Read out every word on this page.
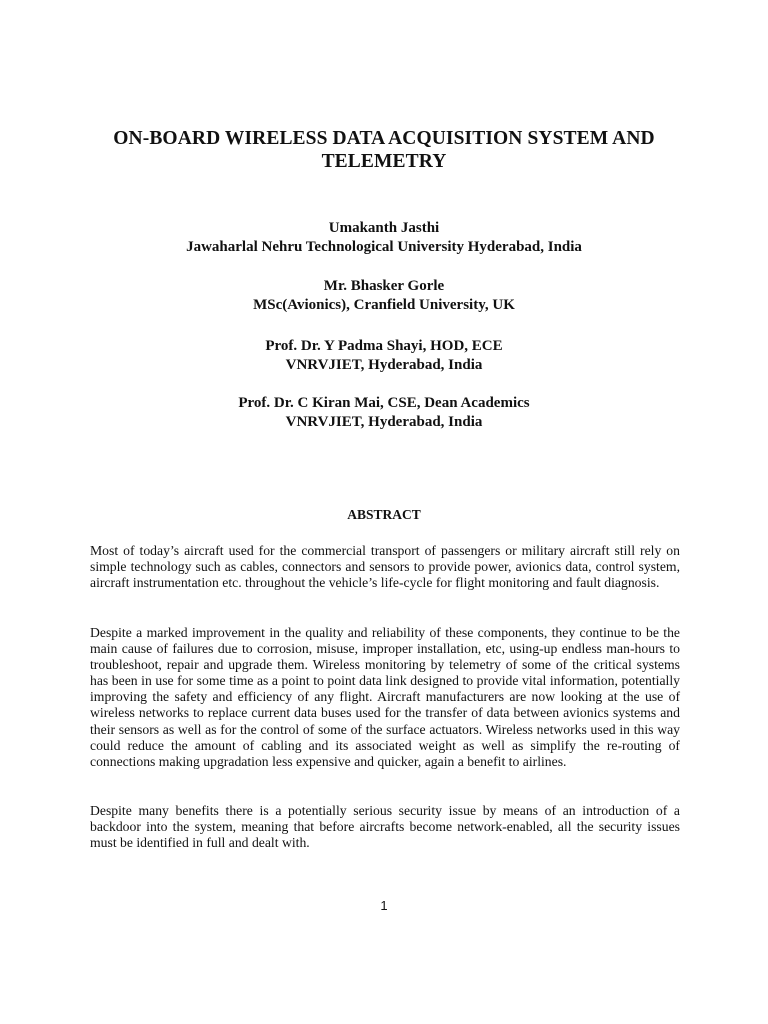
ON-BOARD WIRELESS DATA ACQUISITION SYSTEM AND
TELEMETRY
Umakanth Jasthi
Jawaharlal Nehru Technological University Hyderabad, India
Mr. Bhasker Gorle
MSc(Avionics), Cranfield University, UK
Prof. Dr. Y Padma Shayi, HOD, ECE
VNRVJIET, Hyderabad, India
Prof. Dr. C Kiran Mai, CSE, Dean Academics
VNRVJIET, Hyderabad, India
ABSTRACT

Most of today’s aircraft used for the commercial transport of passengers or military aircraft still rely on simple technology such as cables, connectors and sensors to provide power, avionics data, control system, aircraft instrumentation etc. throughout the vehicle’s life-cycle for flight monitoring and fault diagnosis.

Despite a marked improvement in the quality and reliability of these components, they continue to be the main cause of failures due to corrosion, misuse, improper installation, etc, using-up endless man-hours to troubleshoot, repair and upgrade them. Wireless monitoring by telemetry of some of the critical systems has been in use for some time as a point to point data link designed to provide vital information, potentially improving the safety and efficiency of any flight. Aircraft manufacturers are now looking at the use of wireless networks to replace current data buses used for the transfer of data between avionics systems and their sensors as well as for the control of some of the surface actuators. Wireless networks used in this way could reduce the amount of cabling and its associated weight as well as simplify the re-routing of connections making upgradation less expensive and quicker, again a benefit to airlines.

Despite many benefits there is a potentially serious security issue by means of an introduction of a backdoor into the system, meaning that before aircrafts become network-enabled, all the security issues must be identified in full and dealt with.

1
